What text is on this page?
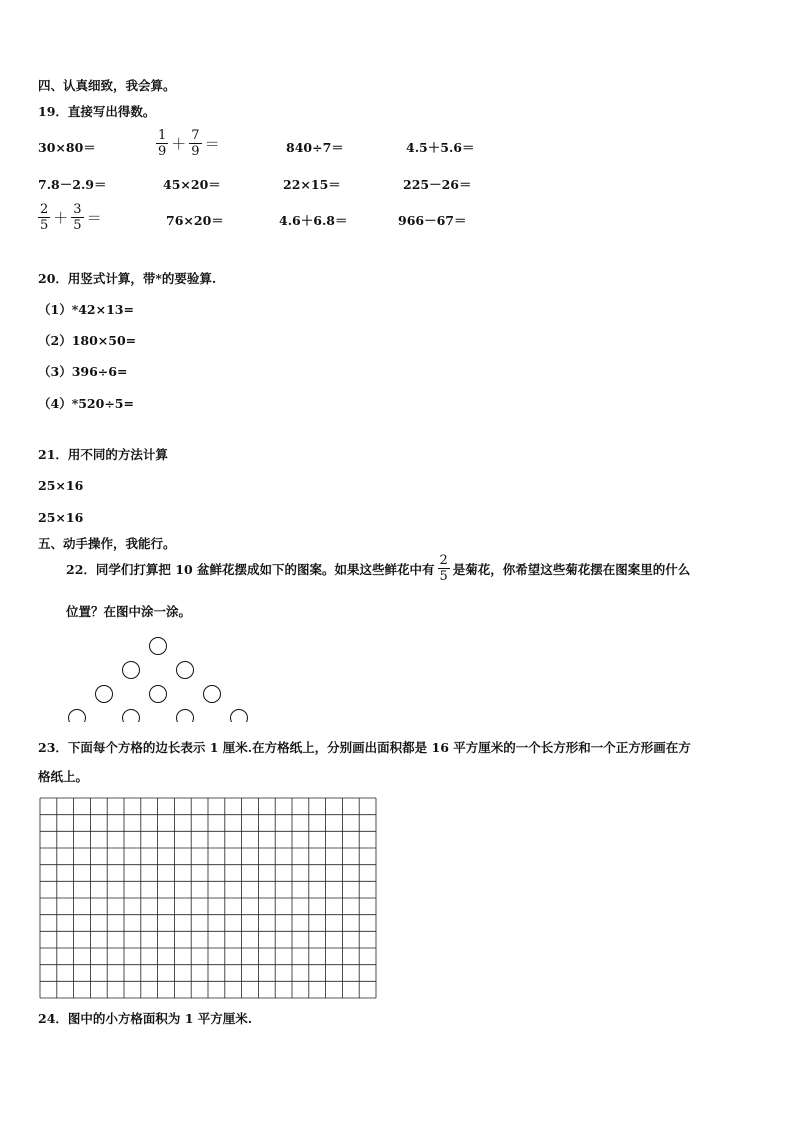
四、认真细致，我会算。
19．直接写出得数。
30×80＝	$\frac{1}{9} + \frac{7}{9}$ ＝	840÷7＝	4.5＋5.6＝
7.8－2.9＝	45×20＝	22×15＝	225－26＝
$\frac{2}{5} + \frac{3}{5}$ ＝	76×20＝	4.6＋6.8＝	966－67＝
20．用竖式计算，带*的要验算.
（1）*42×13=
（2）180×50=
（3）396÷6=
（4）*520÷5=
21．用不同的方法计算
25×16
25×16
五、动手操作，我能行。
22．同学们打算把 10 盆鲜花摆成如下的图案。如果这些鲜花中有 $\frac{2}{5}$ 是菊花，你希望这些菊花摆在图案里的什么
位置？在图中涂一涂。
23．下面每个方格的边长表示 1 厘米.在方格纸上，分别画出面积都是 16 平方厘米的一个长方形和一个正方形画在方
格纸上。
24．图中的小方格面积为 1 平方厘米.
